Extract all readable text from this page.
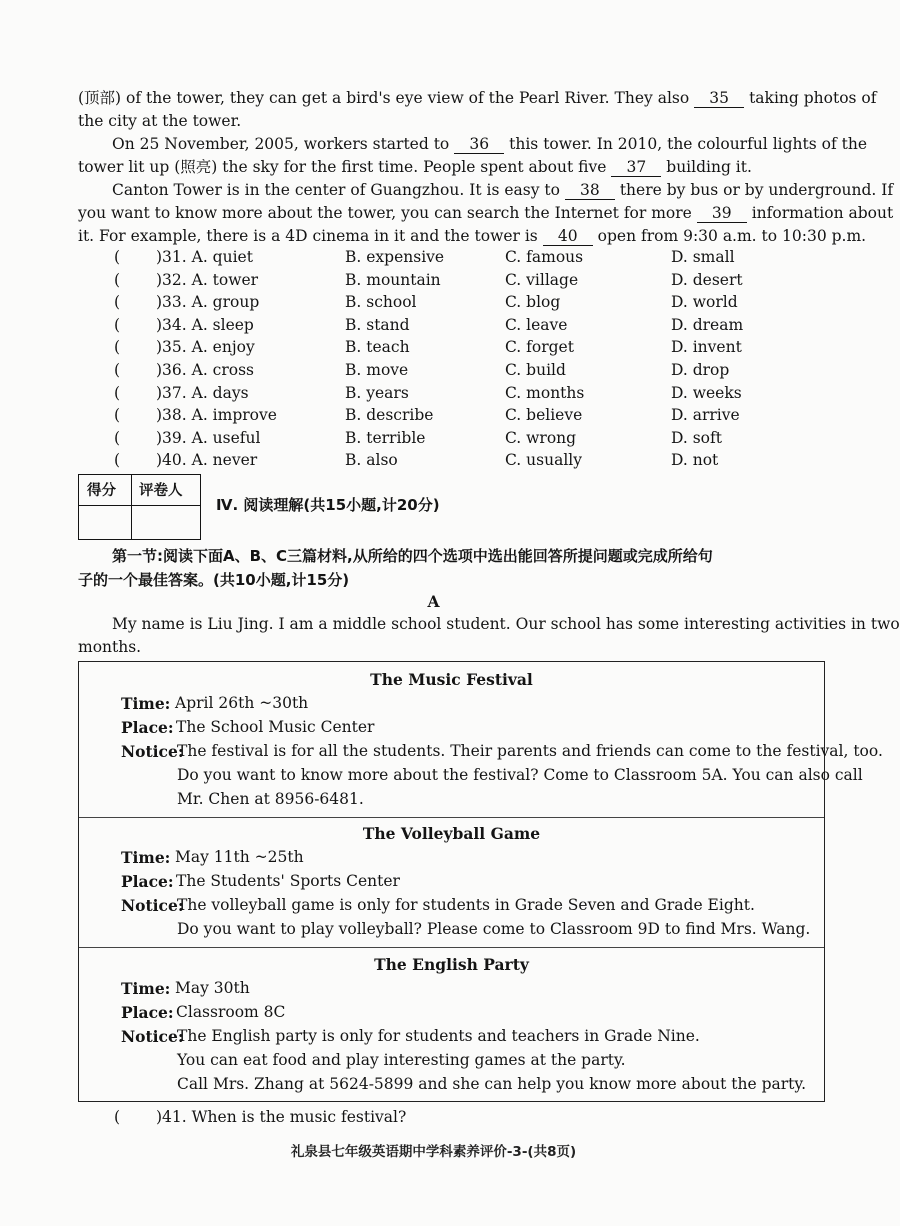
(顶部) of the tower, they can get a bird's eye view of the Pearl River. They also 35 taking photos of
the city at the tower.
On 25 November, 2005, workers started to 36 this tower. In 2010, the colourful lights of the
tower lit up (照亮) the sky for the first time. People spent about five 37 building it.
Canton Tower is in the center of Guangzhou. It is easy to 38 there by bus or by underground. If
you want to know more about the tower, you can search the Internet for more 39 information about
it. For example, there is a 4D cinema in it and the tower is 40 open from 9:30 a.m. to 10:30 p.m.
( )31. A. quiet	B. expensive	C. famous	D. small
( )32. A. tower	B. mountain	C. village	D. desert
( )33. A. group	B. school	C. blog	D. world
( )34. A. sleep	B. stand	C. leave	D. dream
( )35. A. enjoy	B. teach	C. forget	D. invent
( )36. A. cross	B. move	C. build	D. drop
( )37. A. days	B. years	C. months	D. weeks
( )38. A. improve	B. describe	C. believe	D. arrive
( )39. A. useful	B. terrible	C. wrong	D. soft
( )40. A. never	B. also	C. usually	D. not
得分 评卷人
Ⅳ. 阅读理解(共15小题,计20分)
第一节:阅读下面A、B、C三篇材料,从所给的四个选项中选出能回答所提问题或完成所给句
子的一个最佳答案。(共10小题,计15分)
A
My name is Liu Jing. I am a middle school student. Our school has some interesting activities in two
months.
The Music Festival
Time: April 26th ~30th
Place: The School Music Center
Notice:
The festival is for all the students. Their parents and friends can come to the festival, too.
Do you want to know more about the festival? Come to Classroom 5A. You can also call
Mr. Chen at 8956-6481.
The Volleyball Game
Time: May 11th ~25th
Place: The Students' Sports Center
Notice:
The volleyball game is only for students in Grade Seven and Grade Eight.
Do you want to play volleyball? Please come to Classroom 9D to find Mrs. Wang.
The English Party
Time: May 30th
Place: Classroom 8C
Notice:
The English party is only for students and teachers in Grade Nine.
You can eat food and play interesting games at the party.
Call Mrs. Zhang at 5624-5899 and she can help you know more about the party.
( )41. When is the music festival?
礼泉县七年级英语期中学科素养评价-3-(共8页)
